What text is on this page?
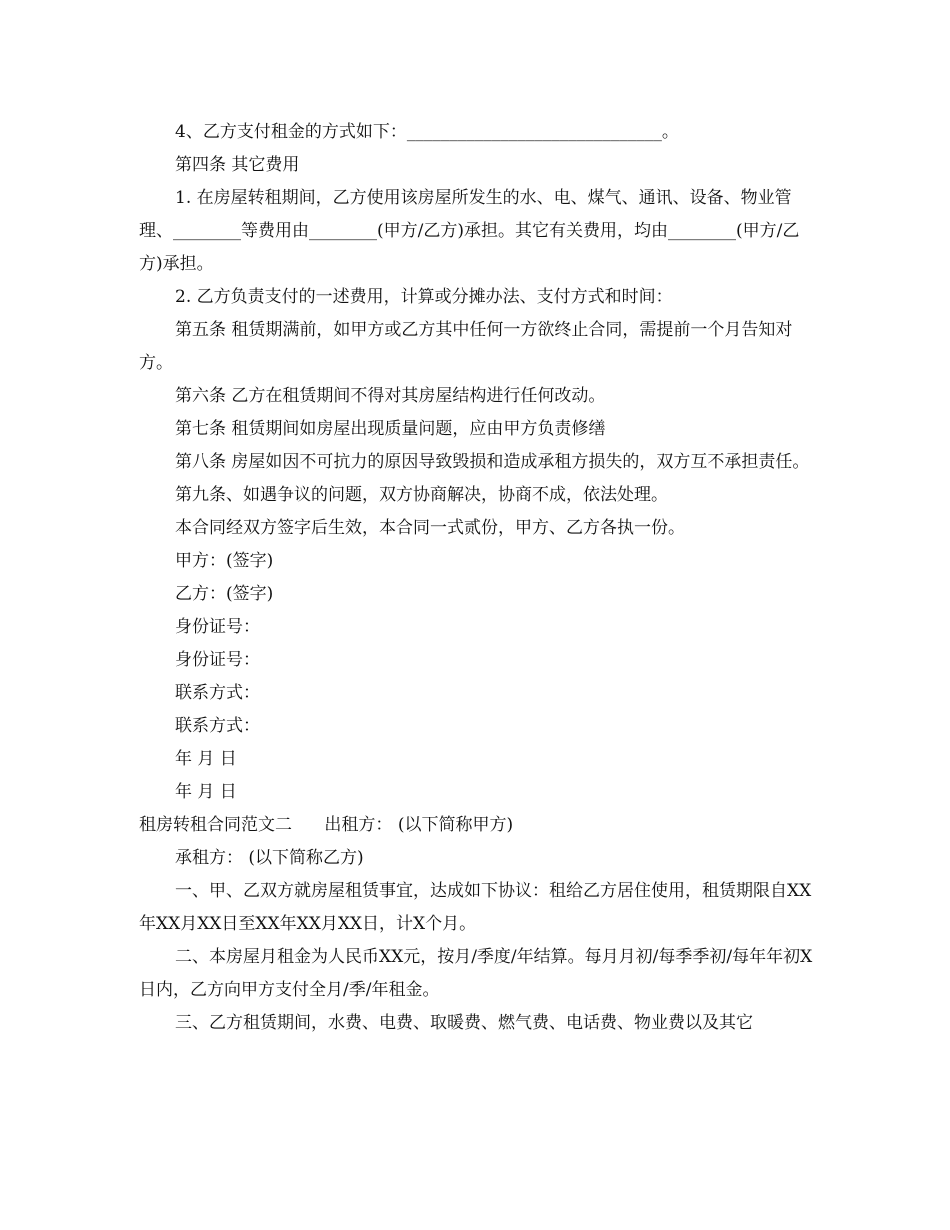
4、乙方支付租金的方式如下：______________________________。

第四条 其它费用

1. 在房屋转租期间，乙方使用该房屋所发生的水、电、煤气、通讯、设备、物业管理、________等费用由________(甲方/乙方)承担。其它有关费用，均由________(甲方/乙方)承担。

2. 乙方负责支付的一述费用，计算或分摊办法、支付方式和时间：

第五条 租赁期满前，如甲方或乙方其中任何一方欲终止合同，需提前一个月告知对方。

第六条 乙方在租赁期间不得对其房屋结构进行任何改动。

第七条 租赁期间如房屋出现质量问题，应由甲方负责修缮

第八条 房屋如因不可抗力的原因导致毁损和造成承租方损失的，双方互不承担责任。

第九条、如遇争议的问题，双方协商解决，协商不成，依法处理。

本合同经双方签字后生效，本合同一式贰份，甲方、乙方各执一份。

甲方：(签字)

乙方：(签字)

身份证号：

身份证号：

联系方式：

联系方式：

年 月 日

年 月 日

租房转租合同范文二      出租方： (以下简称甲方)

承租方： (以下简称乙方)

一、甲、乙双方就房屋租赁事宜，达成如下协议：租给乙方居住使用，租赁期限自XX年XX月XX日至XX年XX月XX日，计X个月。

二、本房屋月租金为人民币XX元，按月/季度/年结算。每月月初/每季季初/每年年初X日内，乙方向甲方支付全月/季/年租金。

三、乙方租赁期间，水费、电费、取暖费、燃气费、电话费、物业费以及其它
